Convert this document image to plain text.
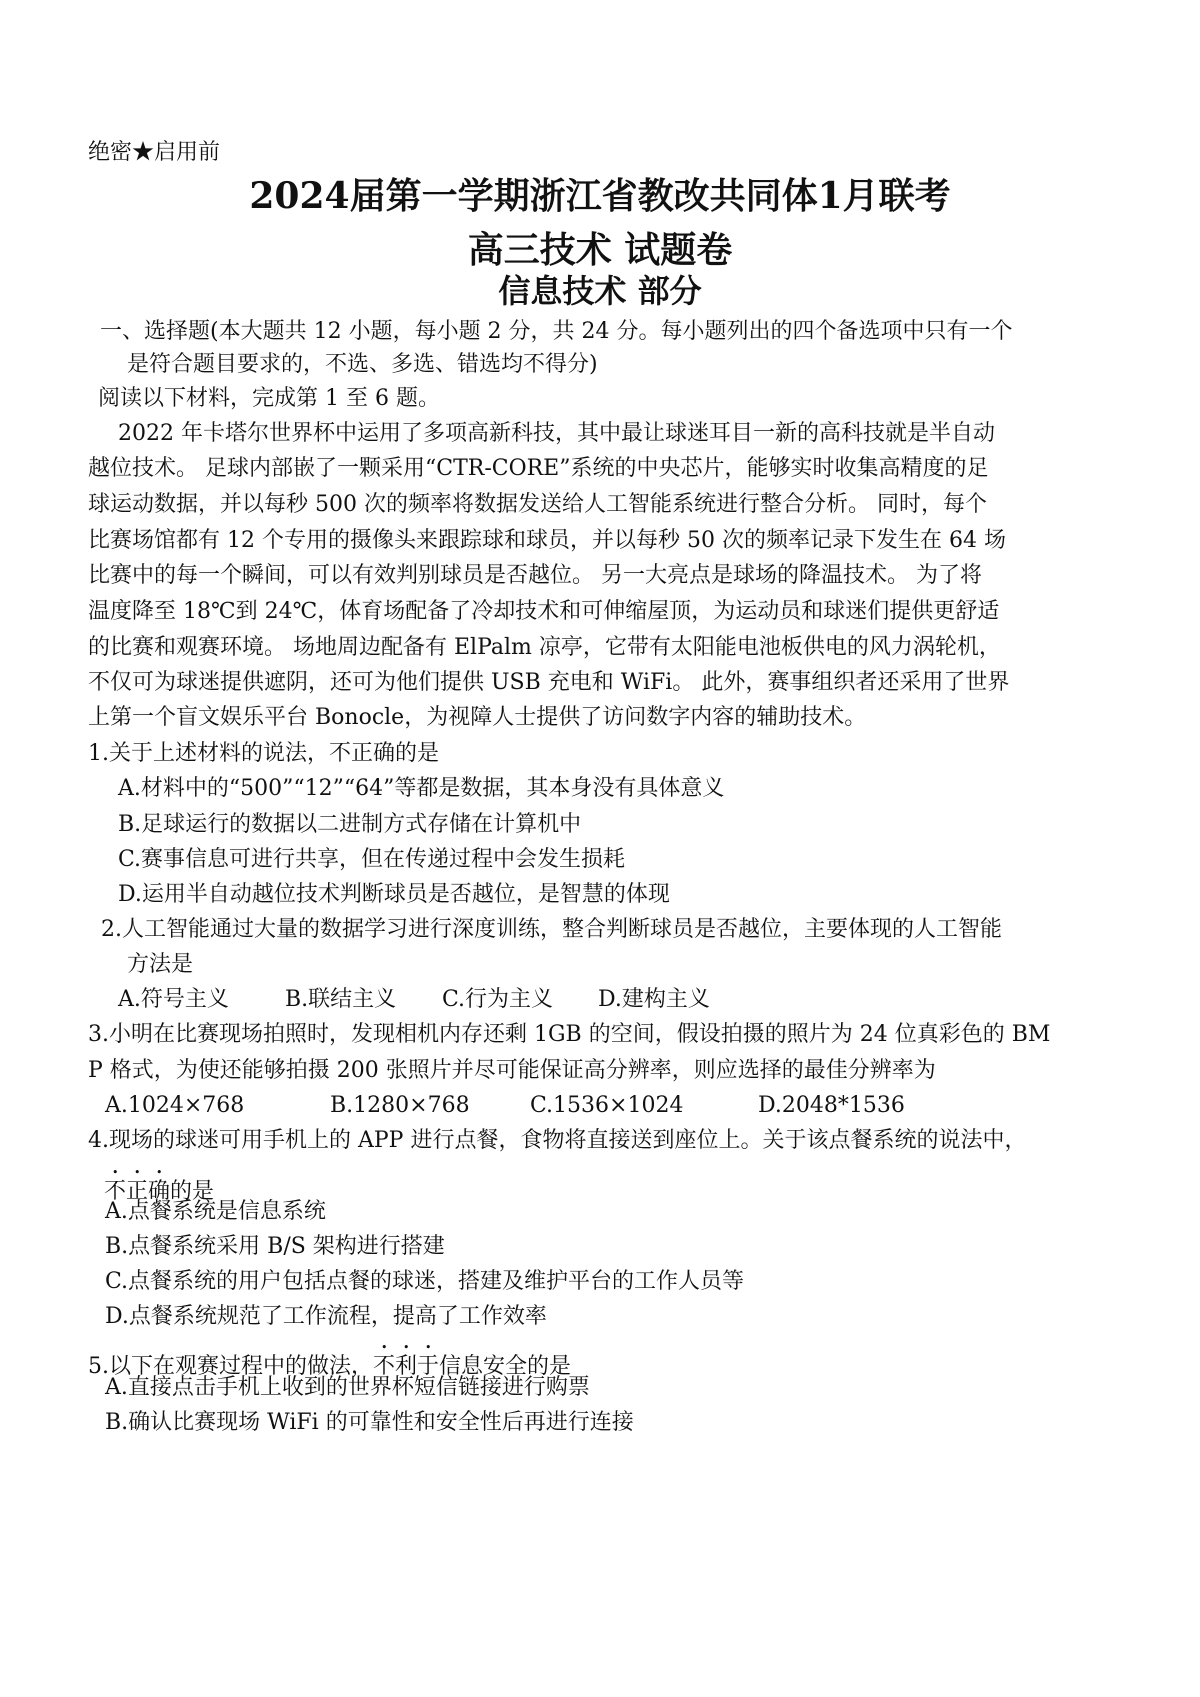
绝密★启用前
2024届第一学期浙江省教改共同体1月联考
高三技术 试题卷
信息技术 部分
一、选择题(本大题共 12 小题，每小题 2 分，共 24 分。每小题列出的四个备选项中只有一个
是符合题目要求的，不选、多选、错选均不得分)
阅读以下材料，完成第 1 至 6 题。
2022 年卡塔尔世界杯中运用了多项高新科技，其中最让球迷耳目一新的高科技就是半自动
越位技术。 足球内部嵌了一颗采用“CTR-CORE”系统的中央芯片，能够实时收集高精度的足
球运动数据，并以每秒 500 次的频率将数据发送给人工智能系统进行整合分析。 同时，每个
比赛场馆都有 12 个专用的摄像头来跟踪球和球员，并以每秒 50 次的频率记录下发生在 64 场
比赛中的每一个瞬间，可以有效判别球员是否越位。 另一大亮点是球场的降温技术。 为了将
温度降至 18℃到 24℃，体育场配备了冷却技术和可伸缩屋顶，为运动员和球迷们提供更舒适
的比赛和观赛环境。 场地周边配备有 ElPalm 凉亭，它带有太阳能电池板供电的风力涡轮机，
不仅可为球迷提供遮阴，还可为他们提供 USB 充电和 WiFi。 此外，赛事组织者还采用了世界
上第一个盲文娱乐平台 Bonocle，为视障人士提供了访问数字内容的辅助技术。
1.关于上述材料的说法，不正确的是
A.材料中的“500”“12”“64”等都是数据，其本身没有具体意义
B.足球运行的数据以二进制方式存储在计算机中
C.赛事信息可进行共享，但在传递过程中会发生损耗
D.运用半自动越位技术判断球员是否越位，是智慧的体现
2.人工智能通过大量的数据学习进行深度训练，整合判断球员是否越位，主要体现的人工智能
方法是
A.符号主义	B.联结主义 C.行为主义 D.建构主义
3.小明在比赛现场拍照时，发现相机内存还剩 1GB 的空间，假设拍摄的照片为 24 位真彩色的 BM
P 格式，为使还能够拍摄 200 张照片并尽可能保证高分辨率，则应选择的最佳分辨率为
A.1024×768	B.1280×768	C.1536×1024	D.2048*1536
4.现场的球迷可用手机上的 APP 进行点餐，食物将直接送到座位上。关于该点餐系统的说法中，
不正确的是
A.点餐系统是信息系统
B.点餐系统采用 B/S 架构进行搭建
C.点餐系统的用户包括点餐的球迷，搭建及维护平台的工作人员等
D.点餐系统规范了工作流程，提高了工作效率
5.以下在观赛过程中的做法，不利于信息安全的是
A.直接点击手机上收到的世界杯短信链接进行购票
B.确认比赛现场 WiFi 的可靠性和安全性后再进行连接
